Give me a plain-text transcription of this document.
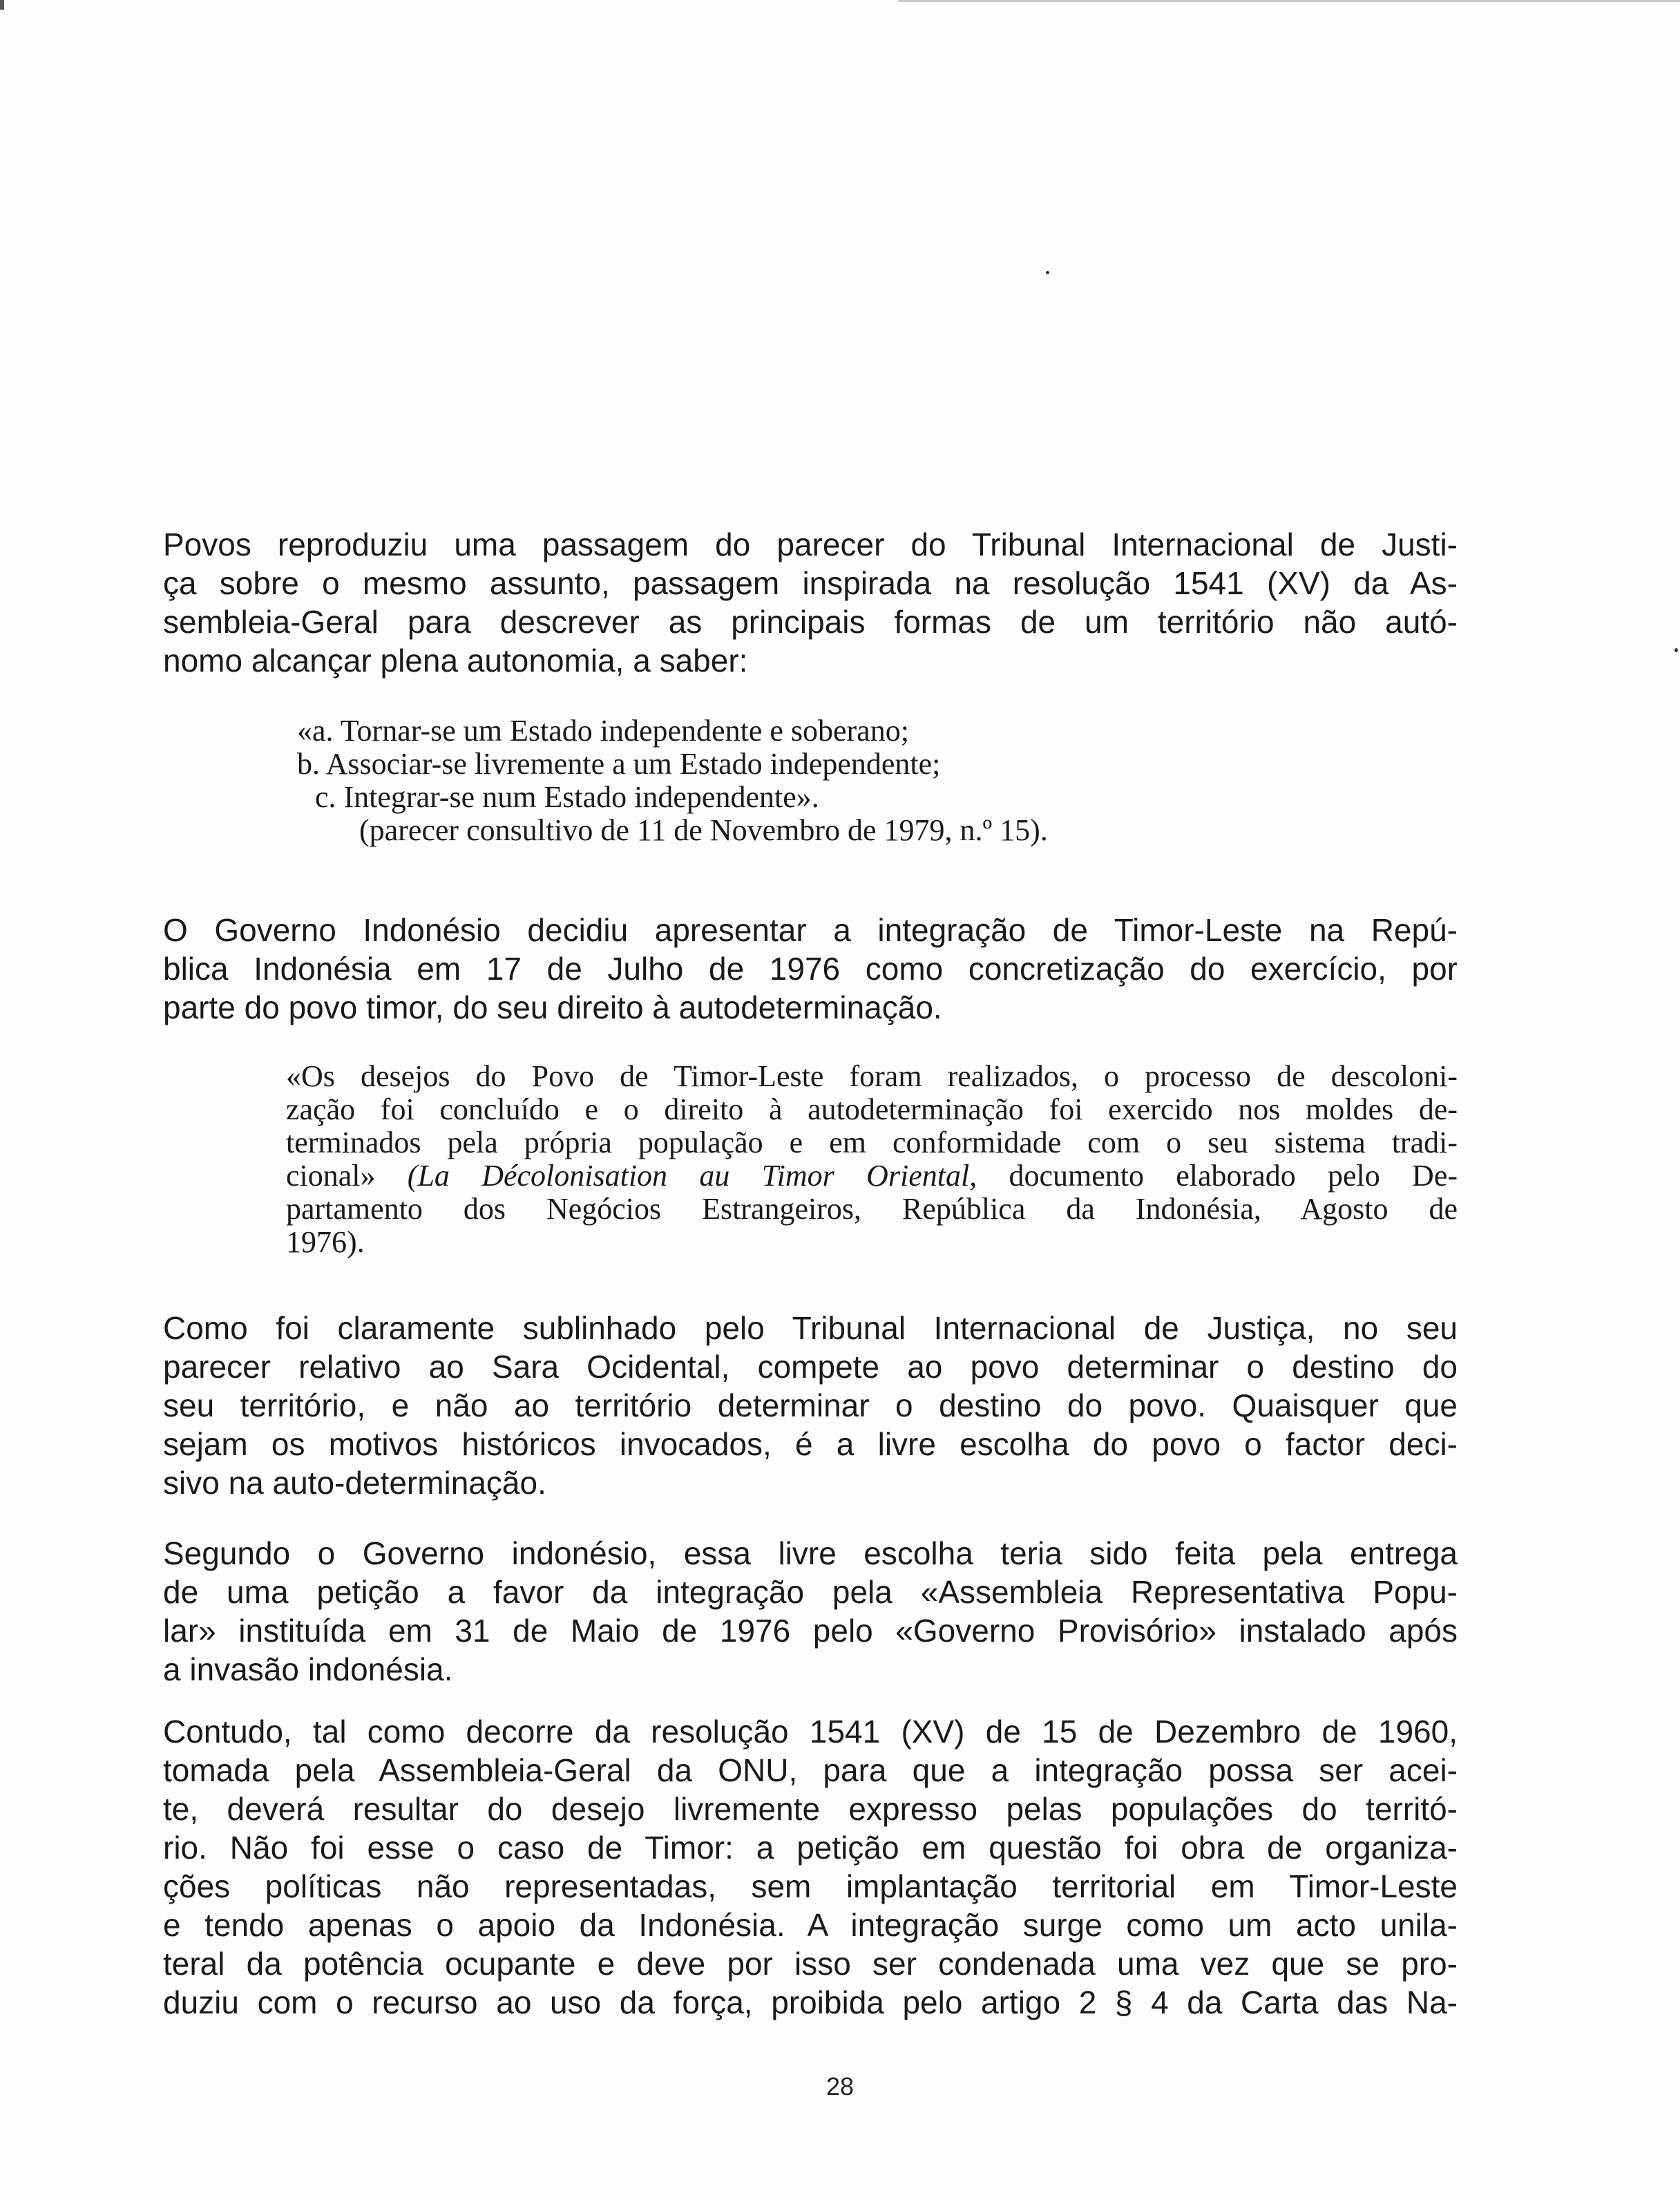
Povos reproduziu uma passagem do parecer do Tribunal Internacional de Justi-
ça sobre o mesmo assunto, passagem inspirada na resolução 1541 (XV) da As-
sembleia-Geral para descrever as principais formas de um território não autó-
nomo alcançar plena autonomia, a saber:
«a. Tornar-se um Estado independente e soberano;
b. Associar-se livremente a um Estado independente;
c. Integrar-se num Estado independente».
(parecer consultivo de 11 de Novembro de 1979, n.º 15).
O Governo Indonésio decidiu apresentar a integração de Timor-Leste na Repú-
blica Indonésia em 17 de Julho de 1976 como concretização do exercício, por
parte do povo timor, do seu direito à autodeterminação.
«Os desejos do Povo de Timor-Leste foram realizados, o processo de descoloni-
zação foi concluído e o direito à autodeterminação foi exercido nos moldes de-
terminados pela própria população e em conformidade com o seu sistema tradi-
cional» (La Décolonisation au Timor Oriental, documento elaborado pelo De-
partamento dos Negócios Estrangeiros, República da Indonésia, Agosto de
1976).
Como foi claramente sublinhado pelo Tribunal Internacional de Justiça, no seu
parecer relativo ao Sara Ocidental, compete ao povo determinar o destino do
seu território, e não ao território determinar o destino do povo. Quaisquer que
sejam os motivos históricos invocados, é a livre escolha do povo o factor deci-
sivo na auto-determinação.
Segundo o Governo indonésio, essa livre escolha teria sido feita pela entrega
de uma petição a favor da integração pela «Assembleia Representativa Popu-
lar» instituída em 31 de Maio de 1976 pelo «Governo Provisório» instalado após
a invasão indonésia.
Contudo, tal como decorre da resolução 1541 (XV) de 15 de Dezembro de 1960,
tomada pela Assembleia-Geral da ONU, para que a integração possa ser acei-
te, deverá resultar do desejo livremente expresso pelas populações do territó-
rio. Não foi esse o caso de Timor: a petição em questão foi obra de organiza-
ções políticas não representadas, sem implantação territorial em Timor-Leste
e tendo apenas o apoio da Indonésia. A integração surge como um acto unila-
teral da potência ocupante e deve por isso ser condenada uma vez que se pro-
duziu com o recurso ao uso da força, proibida pelo artigo 2 § 4 da Carta das Na-
28
